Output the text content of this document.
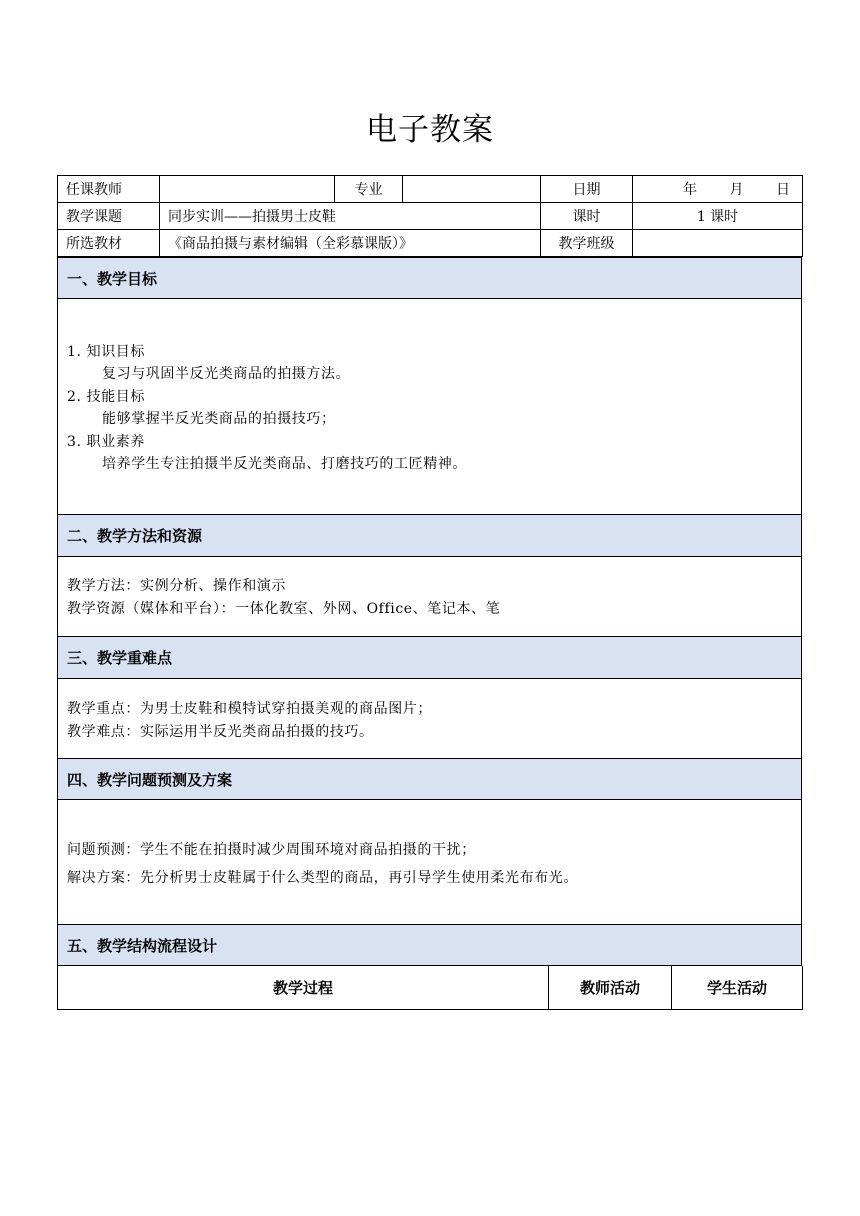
电子教案
任课教师		专业		日期	年 月 日

教学课题	同步实训——拍摄男士皮鞋			课时	1 课时
所选教材	《商品拍摄与素材编辑（全彩慕课版）》			教学班级	
一、教学目标
1. 知识目标
复习与巩固半反光类商品的拍摄方法。
2. 技能目标
能够掌握半反光类商品的拍摄技巧；
3. 职业素养
培养学生专注拍摄半反光类商品、打磨技巧的工匠精神。
二、教学方法和资源
教学方法：实例分析、操作和演示
教学资源（媒体和平台）：一体化教室、外网、Office、笔记本、笔
三、教学重难点
教学重点：为男士皮鞋和模特试穿拍摄美观的商品图片；
教学难点：实际运用半反光类商品拍摄的技巧。
四、教学问题预测及方案
问题预测：学生不能在拍摄时减少周围环境对商品拍摄的干扰；
解决方案：先分析男士皮鞋属于什么类型的商品，再引导学生使用柔光布布光。
五、教学结构流程设计
教学过程	教师活动	学生活动
